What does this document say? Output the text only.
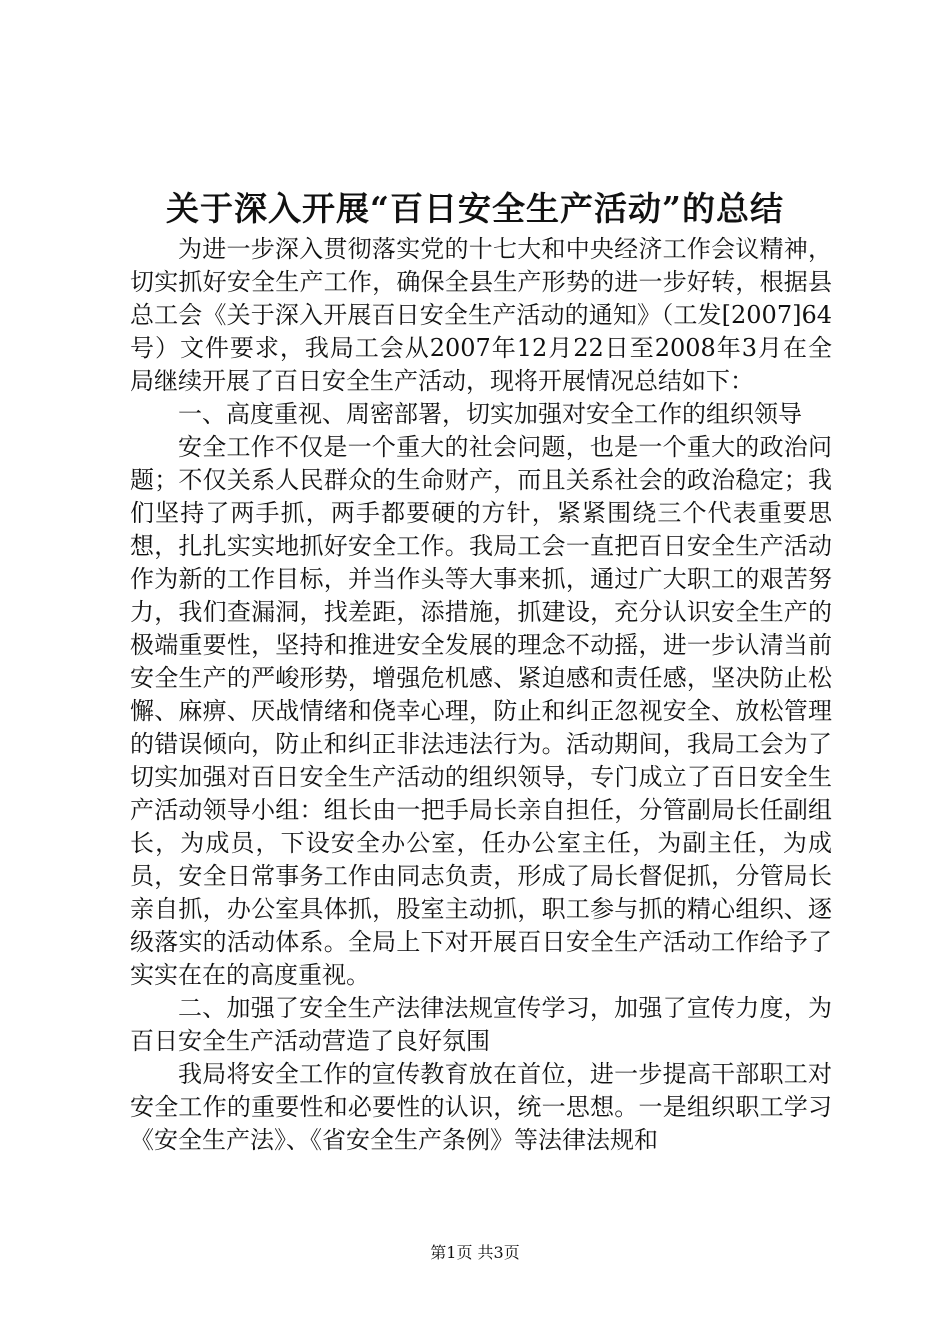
关于深入开展“百日安全生产活动”的总结

为进一步深入贯彻落实党的十七大和中央经济工作会议精神，切实抓好安全生产工作，确保全县生产形势的进一步好转，根据县总工会《关于深入开展百日安全生产活动的通知》（工发[2007]64号）文件要求，我局工会从2007年12月22日至2008年3月在全局继续开展了百日安全生产活动，现将开展情况总结如下：

一、高度重视、周密部署，切实加强对安全工作的组织领导

安全工作不仅是一个重大的社会问题，也是一个重大的政治问题；不仅关系人民群众的生命财产，而且关系社会的政治稳定；我们坚持了两手抓，两手都要硬的方针，紧紧围绕三个代表重要思想，扎扎实实地抓好安全工作。我局工会一直把百日安全生产活动作为新的工作目标，并当作头等大事来抓，通过广大职工的艰苦努力，我们查漏洞，找差距，添措施，抓建设，充分认识安全生产的极端重要性，坚持和推进安全发展的理念不动摇，进一步认清当前安全生产的严峻形势，增强危机感、紧迫感和责任感，坚决防止松懈、麻痹、厌战情绪和侥幸心理，防止和纠正忽视安全、放松管理的错误倾向，防止和纠正非法违法行为。活动期间，我局工会为了切实加强对百日安全生产活动的组织领导，专门成立了百日安全生产活动领导小组：组长由一把手局长亲自担任，分管副局长任副组长，为成员，下设安全办公室，任办公室主任，为副主任，为成员，安全日常事务工作由同志负责，形成了局长督促抓，分管局长亲自抓，办公室具体抓，股室主动抓，职工参与抓的精心组织、逐级落实的活动体系。全局上下对开展百日安全生产活动工作给予了实实在在的高度重视。

二、加强了安全生产法律法规宣传学习，加强了宣传力度，为百日安全生产活动营造了良好氛围

我局将安全工作的宣传教育放在首位，进一步提高干部职工对安全工作的重要性和必要性的认识，统一思想。一是组织职工学习《安全生产法》、《省安全生产条例》等法律法规和

第1页 共3页
